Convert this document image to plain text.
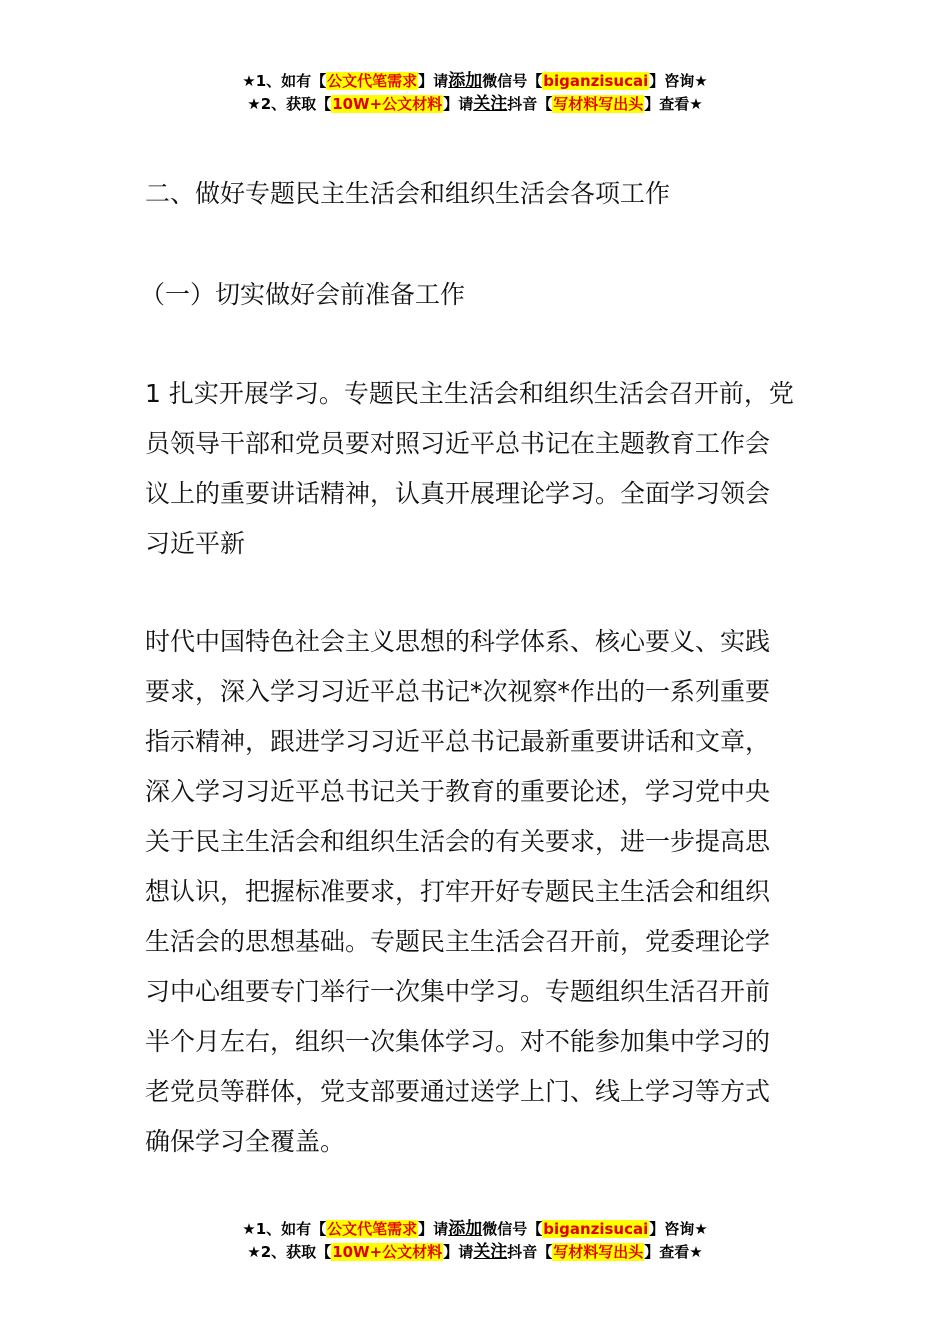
★1、如有【公文代笔需求】请添加微信号【biganzisucai】咨询★
★2、获取【10W+公文材料】请关注抖音【写材料写出头】查看★
二、做好专题民主生活会和组织生活会各项工作
（一）切实做好会前准备工作
1 扎实开展学习。专题民主生活会和组织生活会召开前，党
员领导干部和党员要对照习近平总书记在主题教育工作会
议上的重要讲话精神，认真开展理论学习。全面学习领会
习近平新
时代中国特色社会主义思想的科学体系、核心要义、实践
要求，深入学习习近平总书记*次视察*作出的一系列重要
指示精神，跟进学习习近平总书记最新重要讲话和文章，
深入学习习近平总书记关于教育的重要论述，学习党中央
关于民主生活会和组织生活会的有关要求，进一步提高思
想认识，把握标准要求，打牢开好专题民主生活会和组织
生活会的思想基础。专题民主生活会召开前，党委理论学
习中心组要专门举行一次集中学习。专题组织生活召开前
半个月左右，组织一次集体学习。对不能参加集中学习的
老党员等群体，党支部要通过送学上门、线上学习等方式
确保学习全覆盖。
★1、如有【公文代笔需求】请添加微信号【biganzisucai】咨询★
★2、获取【10W+公文材料】请关注抖音【写材料写出头】查看★
